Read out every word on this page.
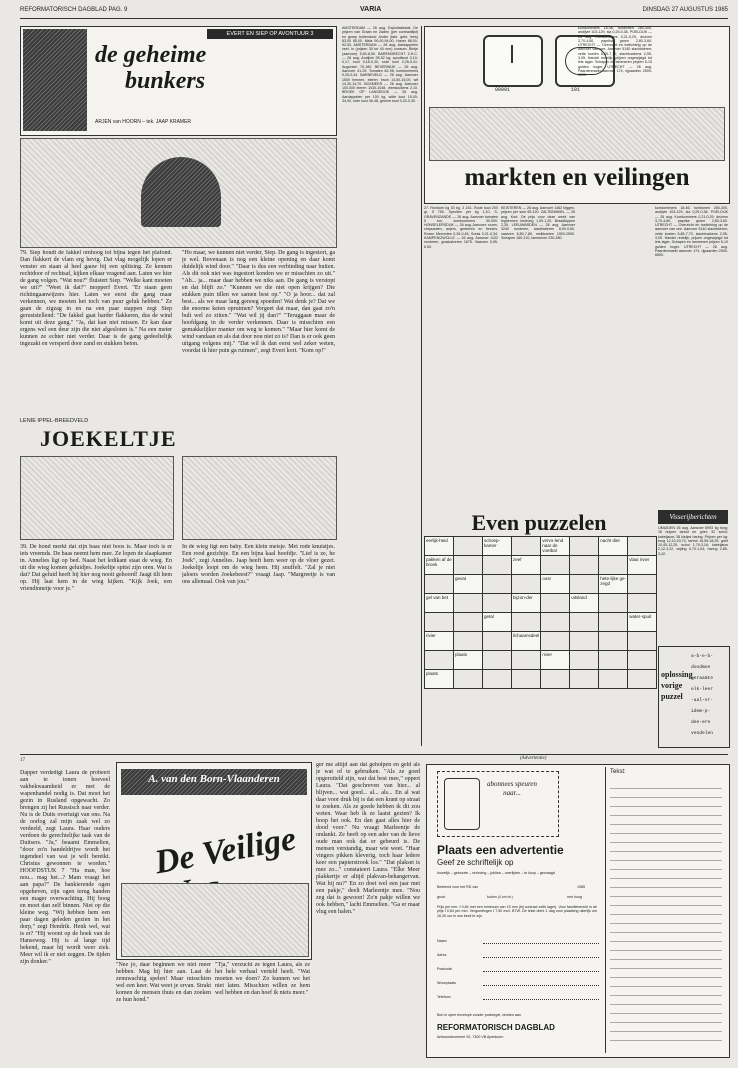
REFORMATORISCH DAGBLAD PAG. 9	VARIA	DINSDAG 27 AUGUSTUS 1985
EVERT EN SIEP OP AVONTUUR 3
de geheime
bunkers
ARJEN van HOORN – tek. JAAP KRAMER
79. Siep houdt de fakkel omhoog tot bijna tegen het plafond. Dan flakkert de vlam erg hevig. Dat vlag mogelijk lopen er venster en staan al heel gauw bij een splitsing. Ze kennen rechtdoor of rechtsaf, kijken elkaar vragend aan. Laten we hier de gang volgen. "Wat nou?" fluistert Siep. "Welke kant moeten we uit?" "Weet ik dat?" mopperf Evert. "Er staan geen richtingaanwijzers hier. Laten we eerst die gang maar verkennen, we moeten het toch van puur geluk hebben." Ze gaan de zigzag in en na een paar stappen zegt Siep geruststellend: "De fakkel gaat harder flakkeren, dus de wind komt uit deze gang." "Ja, dat kan niet missen. Er kan daar ergens wel een deur zijn die niet afgesloten is." Na een meter kunnen ze echter niet verder. Daar is de gang gedeeltelijk ingezakt en versperd door zand en stukken beton.
"Ho maar, we kunnen niet verder, Siep. De gang is ingestort, ga je wel. Bovenaan is nog een kleine opening en daar komt duidelijk wind door." "Daar is dus een verbinding naar buiten. Als dit ook niet was ingestort konden we er misschien zo uit." "Ah... ja... maar daar hebben we niks aan. De gang is verstopt en dat blijft zo." "Kunnen we die niet open krijgen? Die stukken puin tillen we samen best op." "O ja hoor... dat zal best... als we maar lang genoeg spoeden! Wat denk je? Dat we die enorme keien opruimen? Vergeet dat maar, dan gaat zo'n bult wel zo zitten." "Wat wil jij dan?" "Teruggaan maar de hoofdgang in de verder verkennen. Daar is misschien een gemakkelijker manier om weg te komen." "Maar hier komt de wind vandaan en als dat door nou niet zo is? Dan is er ook geen uitgang volgens mij." "Dat wil ik dan eerst wel zeker weten, voordat ik hier puin ga ruimen", zegt Evert kort. "Kom op!"
AMSTERDAM — 26 aug. Exploitatiestal. De prijzen van Graan en Zaden (per contractlijst) en groep buitenland: Ander (fabr. gebr. lees) 83,00 85,00, Maïs 90,00-94,00, Haver 88,00-92,00. AMSTERDAM — 26 aug. Aardappelen veel. In (prijzen 30 tot 40 mm) consum. Bintje (aanvoer) 5,50-8,50. BARENDRECHT Z.H.C. — 26 aug. Andijvie 28-52 kg; spruitkool 0,10-0,17; kool 0,18-0,30; rode kool 0,25-0,41. Augurken 70-160. BEVERWIJK — 26 aug. Aanvoer 41-25. Tomaten 82-96, komkommers 0,25-0,34. BARNEVELD — 26 aug. Aanvoer 1500 hennen, eieren: bruin 14,50-15,00, wit 14,30-14,70. BOXMEER — 26 aug. Aanvoer 100.000 eieren 1030-1048, vleeskuikens 2,10. BROEK OP LANGEDIJK — 26 aug. Aardappelen per 100 kg, witte kool 15,00-34,00, rode kool 36-48, groene kool 0,20-0,30.
00091	101
markten en veilingen
27. Rondom kg 30 kg, 3 241. Rode kool 200 gr, 5 750. Spruiten per kg 1,10. S-GRAVENZANDE — 26 aug. Aanvoer tomaten 5 ton, komkommers 30.000. HONSELERSDIJK — 26 aug. Aanvoer: rozen, chrysanten, anjers, gerbera's en fresia's. Rozen Mercedes 0,26-0,45, Sonia 0,21-0,34. KAMPEN/ZWOLLE — 26 aug. Aanvoer 1102 runderen, graskalveren 1675. Vaarzen 5,95-6,50.
KEISTEREN — 26 aug. Aanvoer 1462 biggen, prijzen per stuk 95-120. ZALTBOMMEL — 26 aug. Kort. De prijs voor deze week van leghennen bedroeg 1,00-1,20. Braadkippen 2,35. LEEUWARDEN — 26 aug. Aanvoer 3240 runderen, slachtstieren 8,90-9,60, vaarzen 6,80-7,80, melkkoeien 1900-2500. Schapen 160-210, lammeren 230-280.
komkommers 18-46, tuinbonen 260-300, andijvie 103-129, sla 0,25-0,38. POELDIJK — 26 aug. Komkommers 0,21-0,29, druiven 3,70-4,60, paprika groen 2,80-3,60. UTRECHT — Overzicht en toelichting op de aanvoer van vee. Aanvoer 5140 slachtdieren; vette koeien 6,85-7,70, slachtvarkens 2,95-3,05. Handel redelijk, prijzen ongewijzigd tot iets lager. Schapen en lammeren prijzen 5-10 gulden hoger. UTRECHT — 26 aug. Paardenmarkt aanvoer 174, rijpaarden 2500-6500.
komkommers 18-46, tuinbonen 260-300, andijvie 103-129, sla 0,25-0,38. POELDIJK — 26 aug. Komkommers 0,21-0,29, druiven 3,70-4,60, paprika groen 2,80-3,60. UTRECHT — Overzicht en toelichting op de aanvoer van vee. Aanvoer 5140 slachtdieren; vette koeien 6,85-7,70, slachtvarkens 2,95-3,05. Handel redelijk, prijzen ongewijzigd tot iets lager. Schapen en lammeren prijzen 5-10 gulden hoger. UTRECHT — 26 aug. Paardenmarkt aanvoer 174, rijpaarden 2500-6500.
LENIE IPPEL-BREEDVELD
JOEKELTJE
39. De hond merkt dat zijn baas niet boos is. Maar toch is er iets vreemds. De baas neemt hem mee. Ze lopen de slaapkamer in. Annelies ligt op bed. Naast het ledikant staat de wieg. En uit die wieg komen geluidjes. Joekeltje spitst zijn oren. Wat is dat? Dat geluid heeft hij hier nog nooit gehoord! Jaagt tilt hem op. Hij laat hem in de wieg kijken. "Kijk Joek, een vriendinnetje voor je."
In de wieg ligt een baby. Een klein meisje. Met rode knuistjes. Een rood gezichtje. En een bijna kaal hoofdje. "Lief is ze, he Joek", zegt Annelies. Jaap heeft hem weer op de vloer gezet. Joekeltje loopt om de wieg heen. Hij snuffelt. "Zal je niet jaloers worden Joekebeest?" vraagt Jaap. "Margreetje is van ons allemaal. Ook van jou."
Even puzzelen
eerlijk-heid		schoep-kamer		vervo-lend naar de voetbal		nacht dier	
pakken af de broek			zeef				vlaai rivier
	gevat			oost		hete-lijke ge-zegd	
gel van bet			bijzon-der		uitsland		
		getal					water-spuit
rivier			lichaamsdeel				
	plaats			rivier			
plaats							
Visserijberichten
IJMUIDEN 26 aug. Aanvoer 6993 kg tong; 16 hulpen tarbot en griet; 32 schol; kabeljauw; 38 kistjes haring. Prijzen per kg: tong 12,10-23,70, tarbot 16,55-18,25, griet 10,40-12,25, schol 1,79-3,18; kabeljauw 2,12-3,22, wijting 0,70-1,04; haring 2,85-3,42.
oplossing vorige puzzel
a-b-e-b-
doodmoe
geraamte
elk-leer
-aal-nr-
idem-p-
dee-ere
vendelen
17
Dapper verdedigt Laura de probeert aan te tonen hoeveel vakbekwaamheid er met de wapenhandel nodig is. Dat moet het gezin in Rusland opgewacht. Zo brengen zij het Russisch naar verder. Nu is de Duits overtuigt van ons. Na de oorlog zal mijn zaak wel zo verdeeld, zegt Laura. Haar ouders verdoen de gerechtelijke taak van de Duitsers. "Ja," beaamt Emmelien, "door zo'n handeldrijve wordt het tegendeel van wat je wilt bereikt. Christus gewonnen te worden." HOOFDSTUK 7 "Ha man, hoe nou... mag het...? Mam vraagt het aan papa?" De bankierende ogen opgeheven, zijn ogen terug handen een mager overwachting. Hij boog en moet dan zelf binnen. Niet op die kleine weg. "Wij hebben hem een paar dagen geleden gezien in het dorp," zegt Hendrik. Henk wel, wat is er? "Hij woont op de hoek van de Hanseweg. Hij is al lange tijd bekend, maar hij wordt weer ziek. Meer wil ik er niet zeggen. De tijden zijn donker."
A. van den Born-Vlaanderen
De Veilige
"Nee jó, daar beginnen we niet meer hebben. Mag hij hier aan. Laat de zenuwachtig spelen! Maar misschien wel een keer. Wat weet je ervan. Strakt komen de mensen thuis en dan zoeken ze hun hond."
"Tja," verzucht ze tegen Laura, als ze het hele verhaal verteld heeft. "Wat moeten we doen? Zo kunnen we het niet laten. Misschien willen ze hem wel hebben en dan hoef ik niets meer."
ger me altijd aan dat geholpen en geld als je wat of te gebruiken. "Als ze goed opgeroiteld zijn, wat dat best mee," oppert Laura. "Dat geschreven van hier... al blijven... wat goed... al... als... En al wat daar voor druk bij is dat een krant op straat te zoeken. Als ze goede hebben ik dit zou weten. Waar heb ik ze laatst gezien? Ik hoop het ook. En dan gaat alles hier de dood voor." Nu vraagt Marleentje de ondankt. Ze heeft op een ader van de lieve oude man ook dat er gebeurd is. De mensen verstandig, maar wie weet. "Haar vingers pikken kleverig, toch haar ledere keer een papierstrook los." "Dat plakset is mee zo..." constateert Laura. "Elke Meer plakkertje er altijd plakvan-behangervan. Wat hij nu?" En zo doet wel een jaar met een pakje," deelt Marleentje mee. "Nou zeg dat is gewoon! Zo'n pakje willen we ook hebben," lacht Emmelien. "Ga er maar vlug een halen."
(Advertentie)
abonnees speuren naar...
Plaats een advertentie
Geef ze schriftelijk op
huwelijk – geboorte – verloving – jubilea – overlijden – te koop – gevraagd
Bestemd voor het RD van	1985
groot	kolom (4 cm br.)	mm hoog
Prijs per mm. f 0,84 met een minimum van 15 mm (bij contract zelfs lager). Voor familiebericht is de prijs f 0,84 per mm. Vergoedingen f 7,50 excl. BTW. De tekst dient 1 dag voor plaatsing uiterlijk om 16.30 uur in ons bezit te zijn.
Naam
Adres
Postcode
Woonplaats
Telefoon
Bon in open envelope zonder postzegel, zenden aan
REFORMATORISCH DAGBLAD
Antwoordnummer 92, 7300 VB Apeldoorn
Tekst:
